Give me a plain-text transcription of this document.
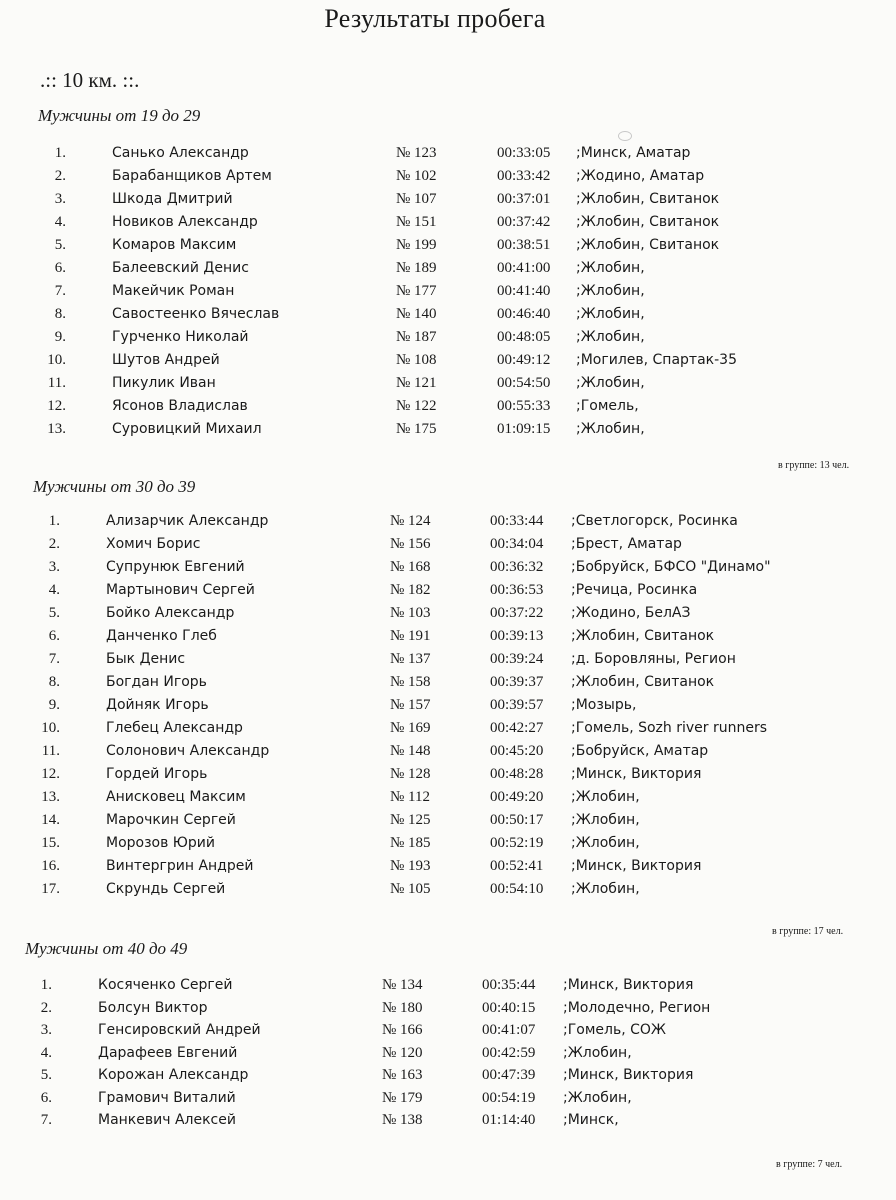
Результаты пробега
.:: 10 км. ::.
Мужчины от 19 до 29
1.	Санько Александр	№ 123	00:33:05 ;Минск, Аматар
2.	Барабанщиков Артем	№ 102	00:33:42 ;Жодино, Аматар
3.	Шкода Дмитрий	№ 107	00:37:01 ;Жлобин, Свитанок
4.	Новиков Александр	№ 151	00:37:42 ;Жлобин, Свитанок
5.	Комаров Максим	№ 199	00:38:51 ;Жлобин, Свитанок
6.	Балеевский Денис	№ 189	00:41:00 ;Жлобин,
7.	Макейчик Роман	№ 177	00:41:40 ;Жлобин,
8.	Савостеенко Вячеслав	№ 140	00:46:40 ;Жлобин,
9.	Гурченко Николай	№ 187	00:48:05 ;Жлобин,
10.	Шутов Андрей	№ 108	00:49:12 ;Могилев, Спартак-35
11.	Пикулик Иван	№ 121	00:54:50 ;Жлобин,
12.	Ясонов Владислав	№ 122	00:55:33 ;Гомель,
13.	Суровицкий Михаил	№ 175	01:09:15 ;Жлобин,
в группе: 13 чел.
Мужчины от 30 до 39
1.	Ализарчик Александр	№ 124	00:33:44 ;Светлогорск, Росинка
2.	Хомич Борис	№ 156	00:34:04 ;Брест, Аматар
3.	Супрунюк Евгений	№ 168	00:36:32 ;Бобруйск, БФСО "Динамо"
4.	Мартынович Сергей	№ 182	00:36:53 ;Речица, Росинка
5.	Бойко Александр	№ 103	00:37:22 ;Жодино, БелАЗ
6.	Данченко Глеб	№ 191	00:39:13 ;Жлобин, Свитанок
7.	Бык Денис	№ 137	00:39:24 ;д. Боровляны, Регион
8.	Богдан Игорь	№ 158	00:39:37 ;Жлобин, Свитанок
9.	Дойняк Игорь	№ 157	00:39:57 ;Мозырь,
10.	Глебец Александр	№ 169	00:42:27 ;Гомель, Sozh river runners
11.	Солонович Александр	№ 148	00:45:20 ;Бобруйск, Аматар
12.	Гордей Игорь	№ 128	00:48:28 ;Минск, Виктория
13.	Анисковец Максим	№ 112	00:49:20 ;Жлобин,
14.	Марочкин Сергей	№ 125	00:50:17 ;Жлобин,
15.	Морозов Юрий	№ 185	00:52:19 ;Жлобин,
16.	Винтергрин Андрей	№ 193	00:52:41 ;Минск, Виктория
17.	Скрундь Сергей	№ 105	00:54:10 ;Жлобин,
в группе: 17 чел.
Мужчины от 40 до 49
1.	Косяченко Сергей	№ 134	00:35:44 ;Минск, Виктория
2.	Болсун Виктор	№ 180	00:40:15 ;Молодечно, Регион
3.	Генсировский Андрей	№ 166	00:41:07 ;Гомель, СОЖ
4.	Дарафеев Евгений	№ 120	00:42:59 ;Жлобин,
5.	Корожан Александр	№ 163	00:47:39 ;Минск, Виктория
6.	Грамович Виталий	№ 179	00:54:19 ;Жлобин,
7.	Манкевич Алексей	№ 138	01:14:40 ;Минск,
в группе: 7 чел.
